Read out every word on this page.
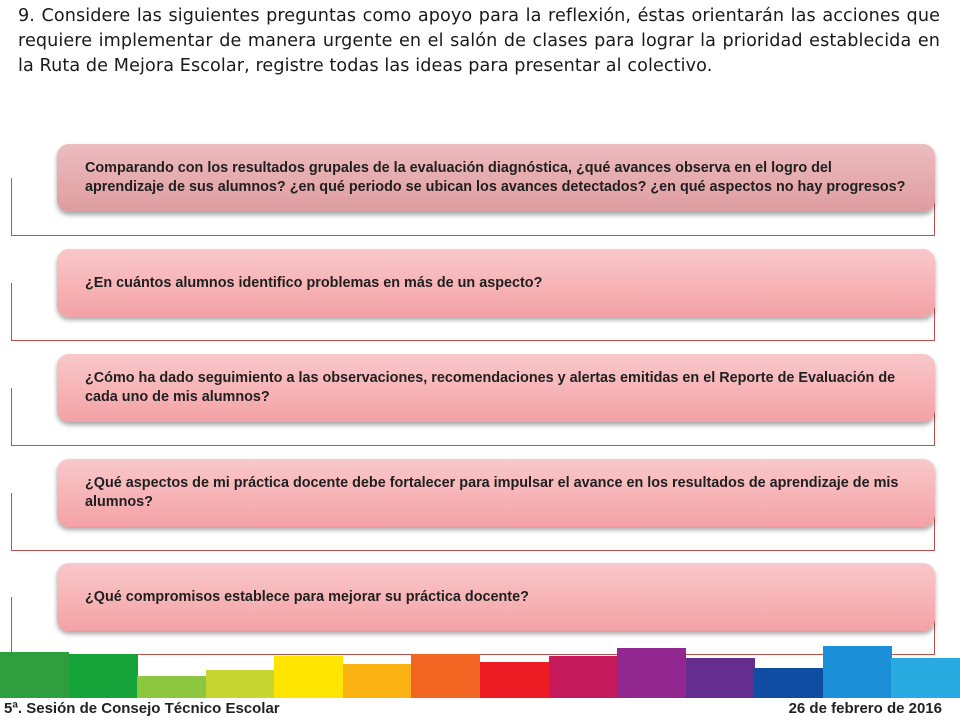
9. Considere las siguientes preguntas como apoyo para la reflexión, éstas orientarán las acciones que requiere implementar de manera urgente en el salón de clases para lograr la prioridad establecida en la Ruta de Mejora Escolar, registre todas las ideas para presentar al colectivo.

Comparando con los resultados grupales de la evaluación diagnóstica, ¿qué avances observa en el logro del aprendizaje de sus alumnos? ¿en qué periodo se ubican los avances detectados? ¿en qué aspectos no hay progresos?

¿En cuántos alumnos identifico problemas en más de un aspecto?

¿Cómo ha dado seguimiento a las observaciones, recomendaciones y alertas emitidas en el Reporte de Evaluación de cada uno de mis alumnos?

¿Qué aspectos de mi práctica docente debe fortalecer para impulsar el avance en los resultados de aprendizaje de mis alumnos?

¿Qué compromisos establece para mejorar su práctica docente?

5ª. Sesión de Consejo Técnico Escolar	26 de febrero de 2016
